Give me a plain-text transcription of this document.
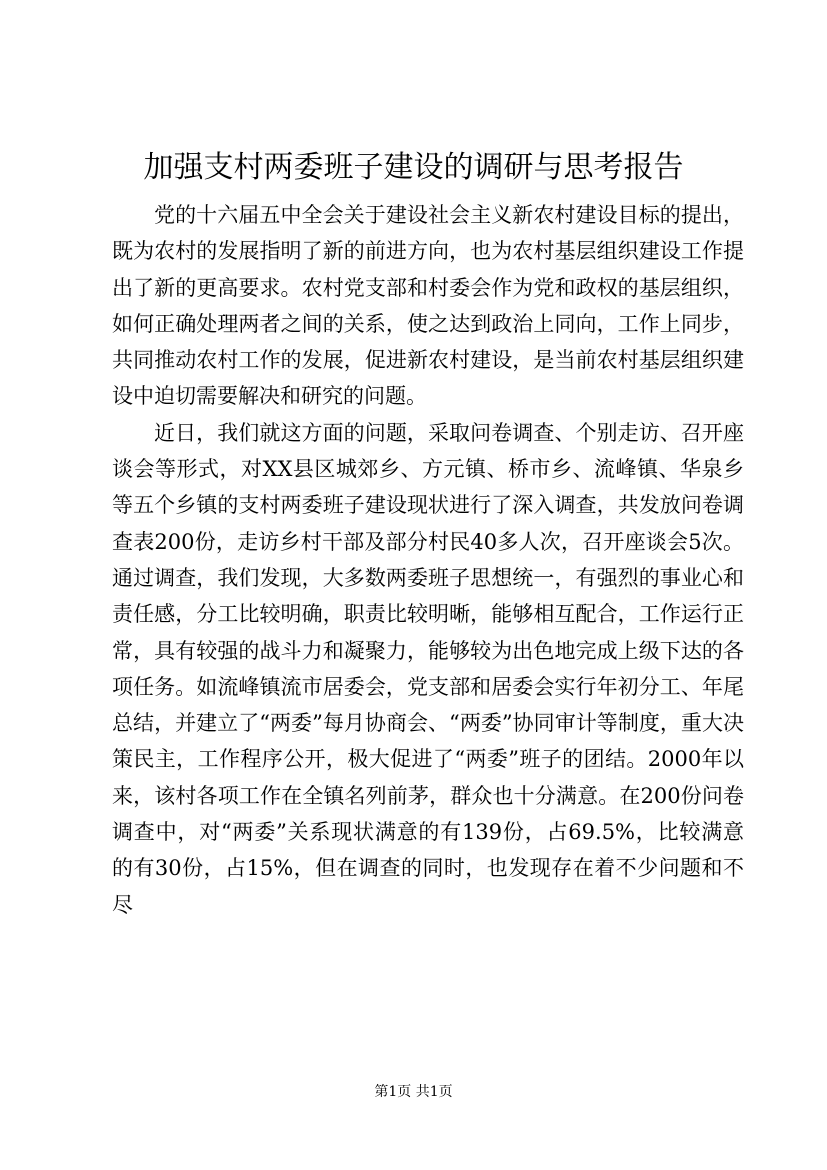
加强支村两委班子建设的调研与思考报告

党的十六届五中全会关于建设社会主义新农村建设目标的提出，既为农村的发展指明了新的前进方向，也为农村基层组织建设工作提出了新的更高要求。农村党支部和村委会作为党和政权的基层组织，如何正确处理两者之间的关系，使之达到政治上同向，工作上同步，共同推动农村工作的发展，促进新农村建设，是当前农村基层组织建设中迫切需要解决和研究的问题。

近日，我们就这方面的问题，采取问卷调查、个别走访、召开座谈会等形式，对XX县区城郊乡、方元镇、桥市乡、流峰镇、华泉乡等五个乡镇的支村两委班子建设现状进行了深入调查，共发放问卷调查表200份，走访乡村干部及部分村民40多人次，召开座谈会5次。通过调查，我们发现，大多数两委班子思想统一，有强烈的事业心和责任感，分工比较明确，职责比较明晰，能够相互配合，工作运行正常，具有较强的战斗力和凝聚力，能够较为出色地完成上级下达的各项任务。如流峰镇流市居委会，党支部和居委会实行年初分工、年尾总结，并建立了“两委”每月协商会、“两委”协同审计等制度，重大决策民主，工作程序公开，极大促进了“两委”班子的团结。2000年以来，该村各项工作在全镇名列前茅，群众也十分满意。在200份问卷调查中，对“两委”关系现状满意的有139份，占69.5%，比较满意的有30份，占15%，但在调查的同时，也发现存在着不少问题和不尽

第1页 共1页
